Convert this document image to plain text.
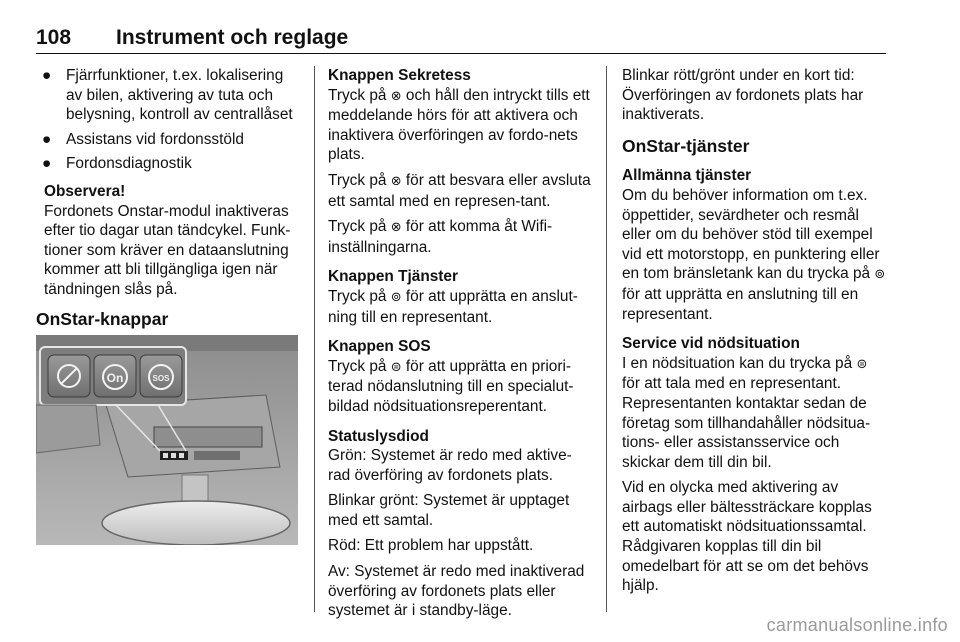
108 Instrument och reglage
● Fjärrfunktioner, t.ex. lokalisering av bilen, aktivering av tuta och belysning, kontroll av centrallåset
● Assistans vid fordonsstöld
● Fordonsdiagnostik
Observera!
Fordonets Onstar-modul inaktiveras efter tio dagar utan tändcykel. Funk-tioner som kräver en dataanslutning kommer att bli tillgängliga igen när tändningen slås på.
OnStar-knappar
On	SOS
Knappen Sekretess
Tryck på ⊗ och håll den intryckt tills ett meddelande hörs för att aktivera och inaktivera överföringen av fordo-nets plats.
Tryck på ⊗ för att besvara eller avsluta ett samtal med en represen-tant.
Tryck på ⊗ för att komma åt Wifi-inställningarna.
Knappen Tjänster
Tryck på ⊚ för att upprätta en anslut-ning till en representant.
Knappen SOS
Tryck på ⊜ för att upprätta en priori-terad nödanslutning till en specialut-bildad nödsituationsreperentant.
Statuslysdiod
Grön: Systemet är redo med aktive-rad överföring av fordonets plats.
Blinkar grönt: Systemet är upptaget med ett samtal.
Röd: Ett problem har uppstått.
Av: Systemet är redo med inaktiverad överföring av fordonets plats eller systemet är i standby-läge.
Blinkar rött/grönt under en kort tid: Överföringen av fordonets plats har inaktiverats.
OnStar-tjänster
Allmänna tjänster
Om du behöver information om t.ex. öppettider, sevärdheter och resmål eller om du behöver stöd till exempel vid ett motorstopp, en punktering eller en tom bränsletank kan du trycka på ⊚ för att upprätta en anslutning till en representant.
Service vid nödsituation
I en nödsituation kan du trycka på ⊜ för att tala med en representant. Representanten kontaktar sedan de företag som tillhandahåller nödsitua-tions- eller assistansservice och skickar dem till din bil.
Vid en olycka med aktivering av airbags eller bältessträckare kopplas ett automatiskt nödsituationssamtal. Rådgivaren kopplas till din bil omedelbart för att se om det behövs hjälp.
carmanualsonline.info
